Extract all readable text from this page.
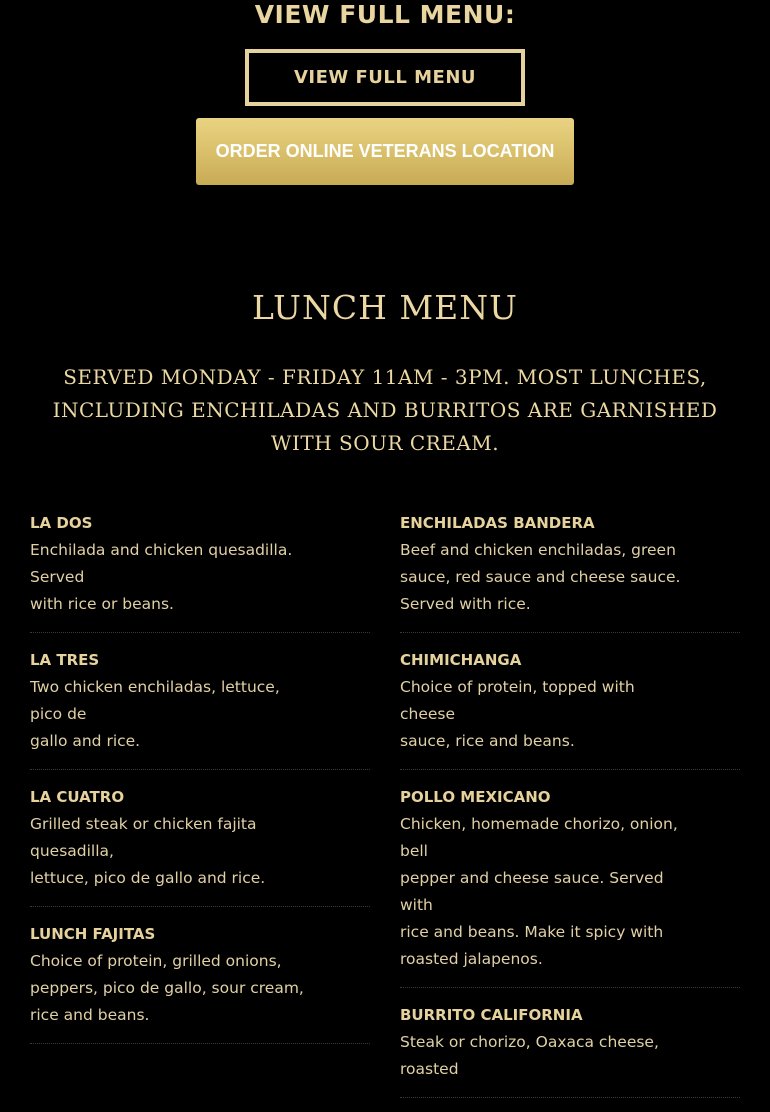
VIEW FULL MENU:
VIEW FULL MENU
ORDER ONLINE VETERANS LOCATION
LUNCH MENU
SERVED MONDAY - FRIDAY 11AM - 3PM. MOST LUNCHES, INCLUDING ENCHILADAS AND BURRITOS ARE GARNISHED WITH SOUR CREAM.
LA DOS
Enchilada and chicken quesadilla.
Served
with rice or beans.
LA TRES
Two chicken enchiladas, lettuce,
pico de
gallo and rice.

LA CUATRO
Grilled steak or chicken fajita
quesadilla,
lettuce, pico de gallo and rice.
LUNCH FAJITAS
Choice of protein, grilled onions,
peppers, pico de gallo, sour cream,
rice and beans.
ENCHILADAS BANDERA
Beef and chicken enchiladas, green
sauce, red sauce and cheese sauce.
Served with rice.
CHIMICHANGA
Choice of protein, topped with
cheese
sauce, rice and beans.
POLLO MEXICANO
Chicken, homemade chorizo, onion,
bell
pepper and cheese sauce. Served
with
rice and beans. Make it spicy with
roasted jalapenos.
BURRITO CALIFORNIA
Steak or chorizo, Oaxaca cheese,
roasted
